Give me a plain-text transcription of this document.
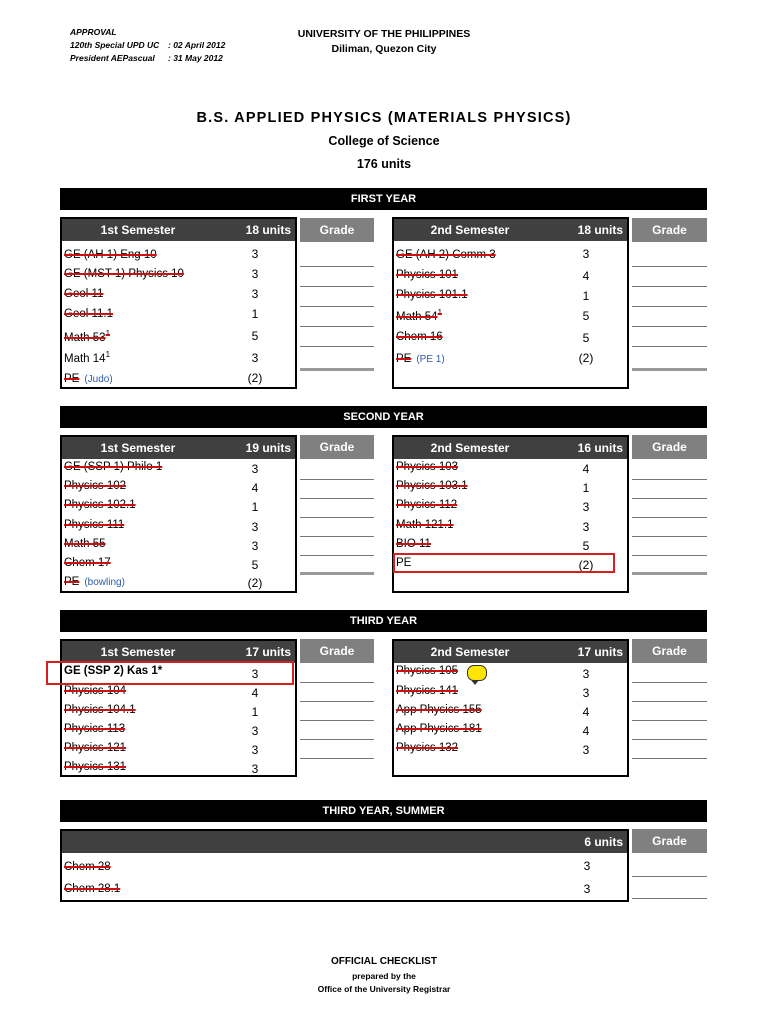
APPROVAL
120th Special UPD UC : 02 April 2012
President AEPascual : 31 May 2012
UNIVERSITY OF THE PHILIPPINES
Diliman, Quezon City
B.S. APPLIED PHYSICS (MATERIALS PHYSICS)
College of Science
176 units
FIRST YEAR
1st Semester	18 units
GE (AH 1) Eng 10	3
GE (MST 1) Physics 10	3
Geol 11	3
Geol 11.1	1
Math $53^1$	5
Math $14^1$	3
PE (Judo)	(2)
Grade	2nd Semester	18 units
GE (AH 2) Comm 3	3
Physics 101	4
Physics 101.1	1
Math $54^1$	5
Chem 16	5
PE (PE 1)	(2)
Grade
SECOND YEAR
1st Semester	19 units
GE (SSP 1) Philo 1	3
Physics 102	4
Physics 102.1	1
Physics 111	3
Math 55	3
Chem 17	5
PE (bowling)	(2)
Grade	2nd Semester	16 units
Physics 103	4
Physics 103.1	1
Physics 112	3
Math 121.1	3
BIO 11	5
PE	(2)
Grade
THIRD YEAR
1st Semester	17 units
GE (SSP 2) Kas 1*	3
Physics 104	4
Physics 104.1	1
Physics 113	3
Physics 121	3
Physics 131	3
Grade	2nd Semester	17 units
Physics 105	3
Physics 141	3
App Physics 155	4
App Physics 181	4
Physics 132	3
Grade
THIRD YEAR, SUMMER
6 units
Chem 28	3
Chem 28.1	3
Grade
OFFICIAL CHECKLIST
prepared by the
Office of the University Registrar
